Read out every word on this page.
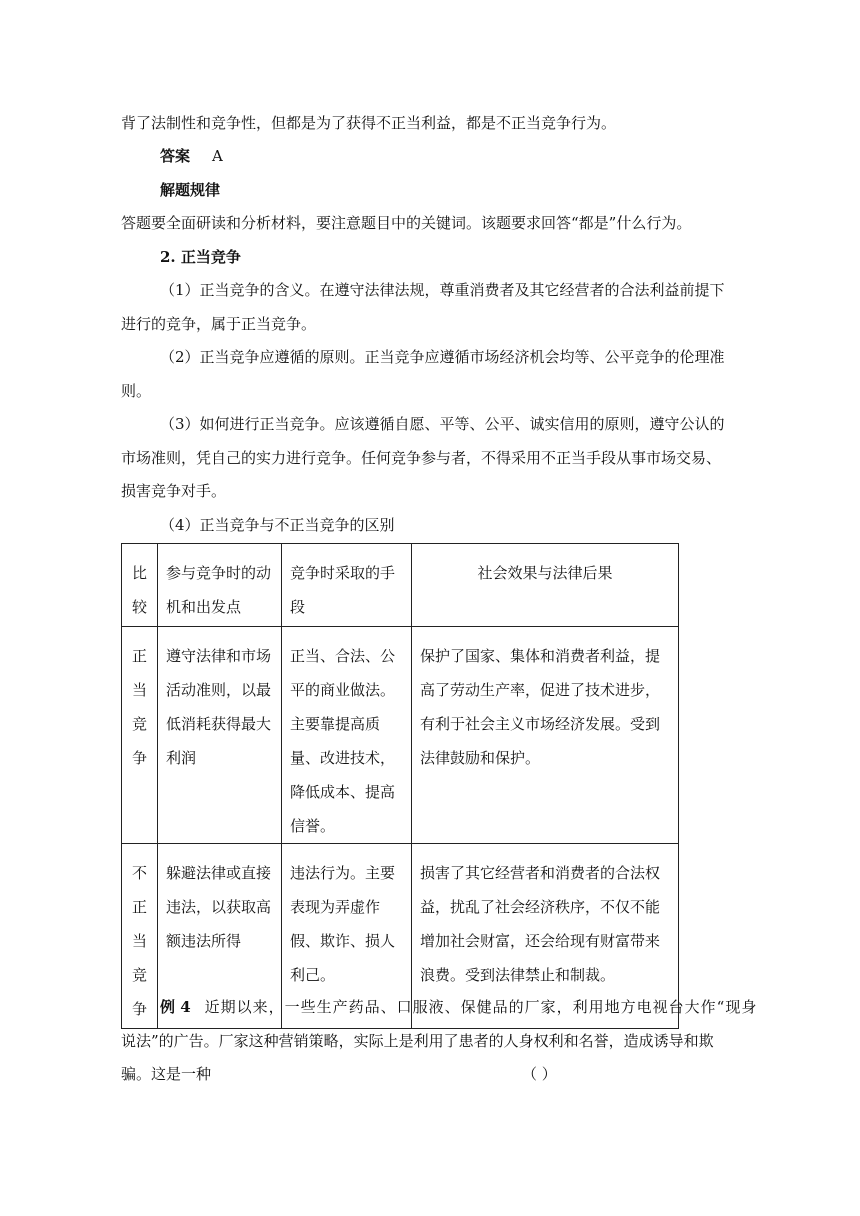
背了法制性和竞争性，但都是为了获得不正当利益，都是不正当竞争行为。
答案 A
解题规律
答题要全面研读和分析材料，要注意题目中的关键词。该题要求回答“都是”什么行为。
2. 正当竞争
（1）正当竞争的含义。在遵守法律法规，尊重消费者及其它经营者的合法利益前提下
进行的竞争，属于正当竞争。
（2）正当竞争应遵循的原则。正当竞争应遵循市场经济机会均等、公平竞争的伦理准
则。
（3）如何进行正当竞争。应该遵循自愿、平等、公平、诚实信用的原则，遵守公认的
市场准则，凭自己的实力进行竞争。任何竞争参与者，不得采用不正当手段从事市场交易、
损害竞争对手。
（4）正当竞争与不正当竞争的区别
比
较	参与竞争时的动机和出发点	竞争时采取的手段	社会效果与法律后果

正
当
竞
争	遵守法律和市场活动准则，以最低消耗获得最大利润	正当、合法、公平的商业做法。主要靠提高质量、改进技术，降低成本、提高信誉。	保护了国家、集体和消费者利益，提高了劳动生产率，促进了技术进步，有利于社会主义市场经济发展。受到法律鼓励和保护。

不
正
当
竞
争	躲避法律或直接违法，以获取高额违法所得	违法行为。主要表现为弄虚作假、欺诈、损人利己。	损害了其它经营者和消费者的合法权益，扰乱了社会经济秩序，不仅不能增加社会财富，还会给现有财富带来浪费。受到法律禁止和制裁。
例 4 近期以来，一些生产药品、口服液、保健品的厂家，利用地方电视台大作“现身
说法”的广告。厂家这种营销策略，实际上是利用了患者的人身权利和名誉，造成诱导和欺
骗。这是一种	（ ）
